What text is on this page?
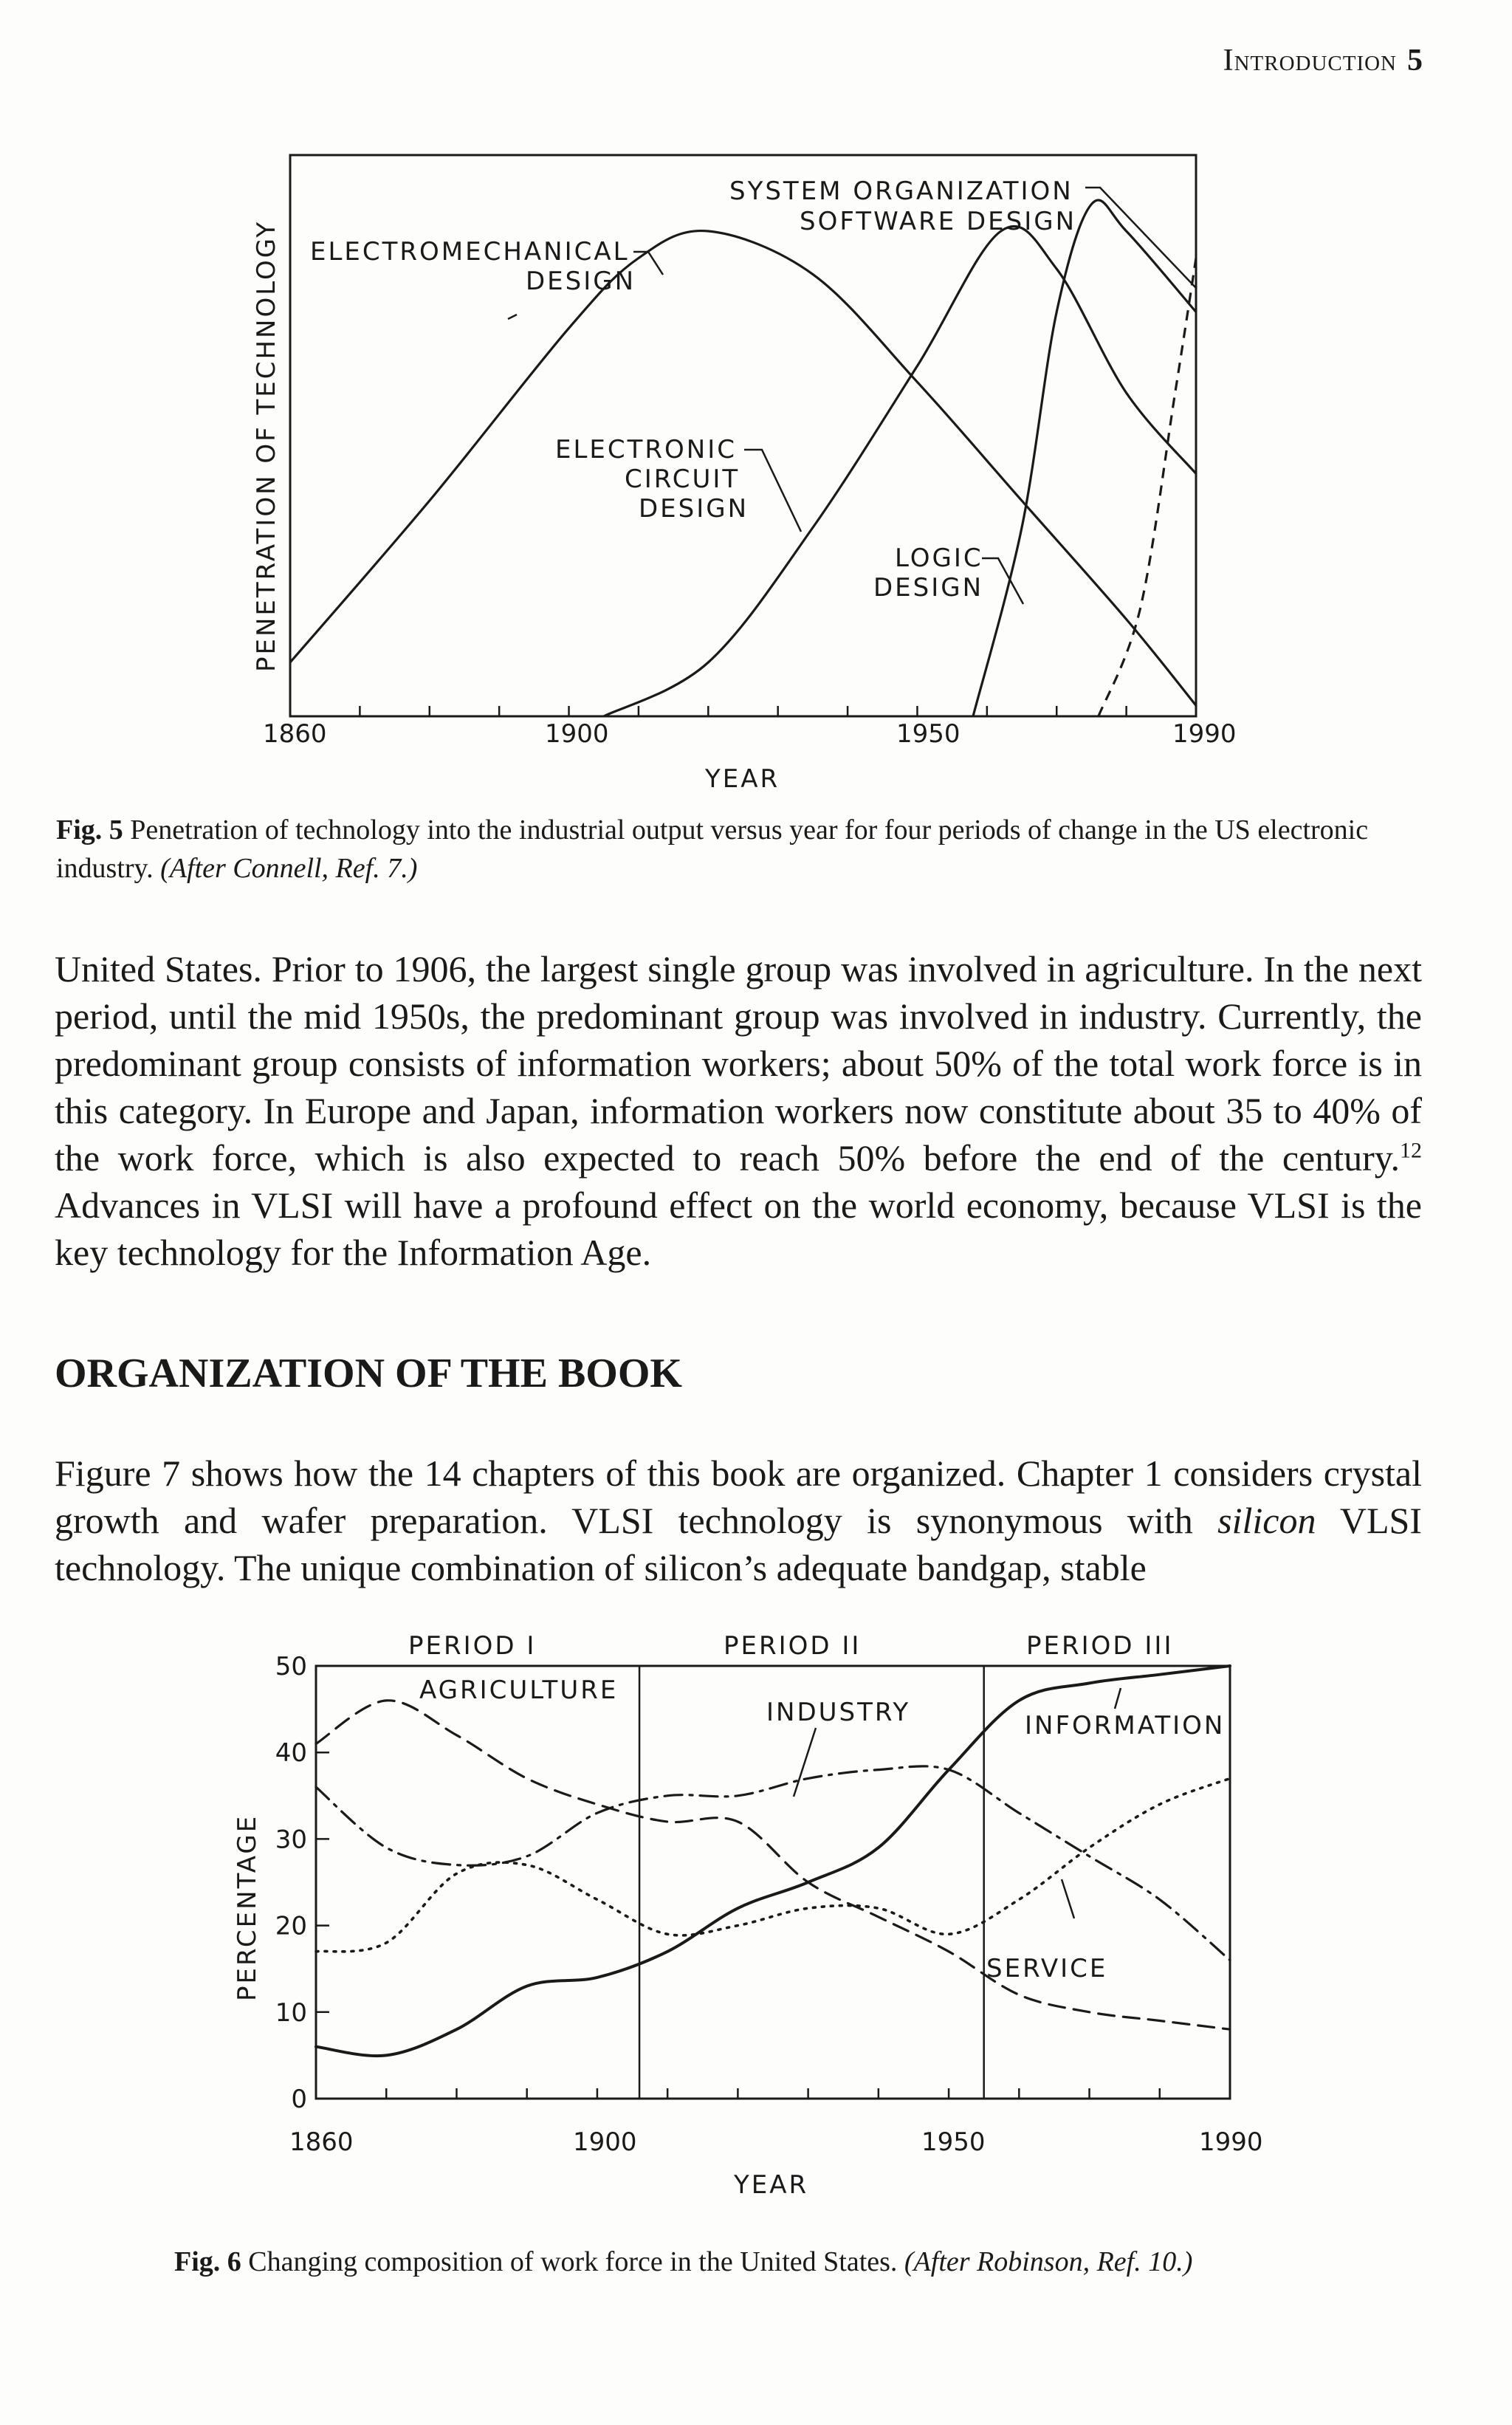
Introduction 5
PENETRATION OF TECHNOLOGY
1860	1900	1950	1990
YEAR
ELECTROMECHANICAL
DESIGN
SYSTEM ORGANIZATION
SOFTWARE DESIGN
ELECTRONIC
CIRCUIT
DESIGN
LOGIC
DESIGN
Fig. 5 Penetration of technology into the industrial output versus year for four periods of change in the US electronic industry. (After Connell, Ref. 7.)
United States. Prior to 1906, the largest single group was involved in agriculture. In the next period, until the mid 1950s, the predominant group was involved in industry. Currently, the predominant group consists of information workers; about 50% of the total work force is in this category. In Europe and Japan, information workers now constitute about 35 to 40% of the work force, which is also expected to reach 50% before the end of the century.$^{12}$ Advances in VLSI will have a profound effect on the world economy, because VLSI is the key technology for the Information Age.
ORGANIZATION OF THE BOOK
Figure 7 shows how the 14 chapters of this book are organized. Chapter 1 considers crystal growth and wafer preparation. VLSI technology is synonymous with silicon VLSI technology. The unique combination of silicon’s adequate bandgap, stable
0
10
20
30
40
50
PERCENTAGE
1860	1900	1950	1990
YEAR
PERIOD I	PERIOD II	PERIOD III
AGRICULTURE
INDUSTRY	INFORMATION
SERVICE
Fig. 6 Changing composition of work force in the United States. (After Robinson, Ref. 10.)
